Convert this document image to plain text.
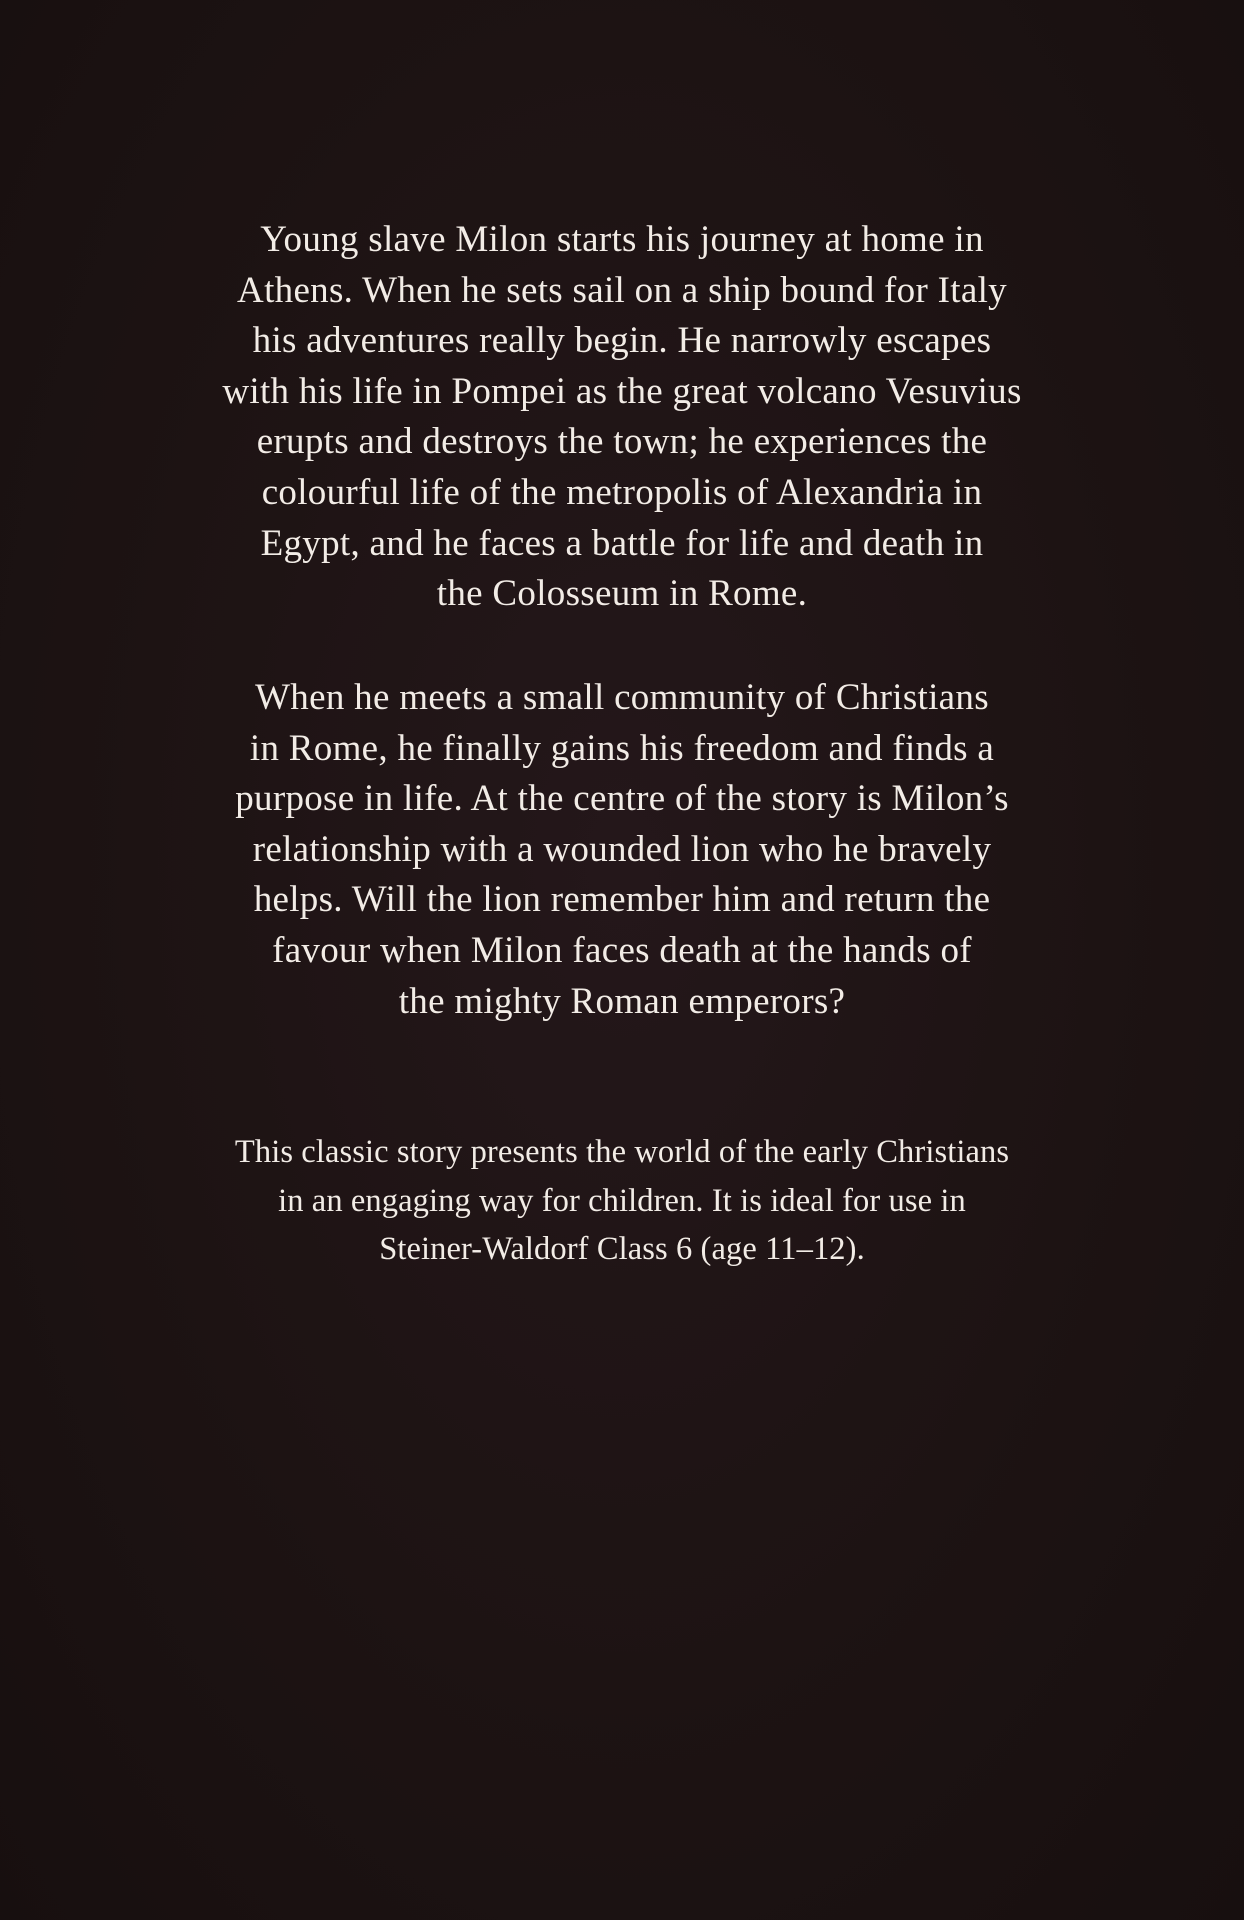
Young slave Milon starts his journey at home in
Athens. When he sets sail on a ship bound for Italy
his adventures really begin. He narrowly escapes
with his life in Pompei as the great volcano Vesuvius
erupts and destroys the town; he experiences the
colourful life of the metropolis of Alexandria in
Egypt, and he faces a battle for life and death in
the Colosseum in Rome.

When he meets a small community of Christians
in Rome, he finally gains his freedom and finds a
purpose in life. At the centre of the story is Milon’s
relationship with a wounded lion who he bravely
helps. Will the lion remember him and return the
favour when Milon faces death at the hands of
the mighty Roman emperors?

This classic story presents the world of the early Christians
in an engaging way for children. It is ideal for use in
Steiner-Waldorf Class 6 (age 11–12).
